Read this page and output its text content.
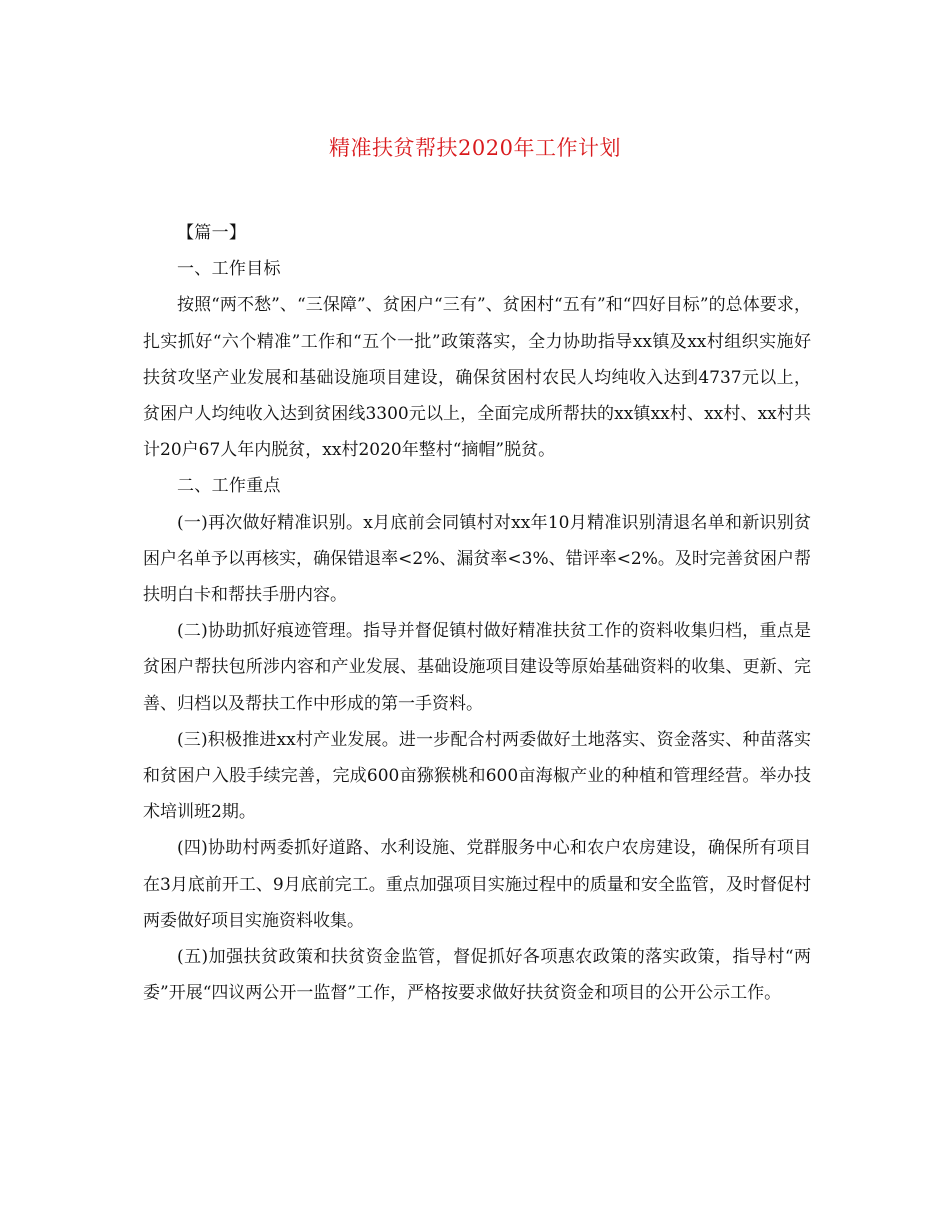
精准扶贫帮扶2020年工作计划

【篇一】

一、工作目标

按照“两不愁”、“三保障”、贫困户“三有”、贫困村“五有”和“四好目标”的总体要求，扎实抓好“六个精准”工作和“五个一批”政策落实，全力协助指导xx镇及xx村组织实施好扶贫攻坚产业发展和基础设施项目建设，确保贫困村农民人均纯收入达到4737元以上，贫困户人均纯收入达到贫困线3300元以上，全面完成所帮扶的xx镇xx村、xx村、xx村共计20户67人年内脱贫，xx村2020年整村“摘帽”脱贫。

二、工作重点

(一)再次做好精准识别。x月底前会同镇村对xx年10月精准识别清退名单和新识别贫困户名单予以再核实，确保错退率<2%、漏贫率<3%、错评率<2%。及时完善贫困户帮扶明白卡和帮扶手册内容。

(二)协助抓好痕迹管理。指导并督促镇村做好精准扶贫工作的资料收集归档，重点是贫困户帮扶包所涉内容和产业发展、基础设施项目建设等原始基础资料的收集、更新、完善、归档以及帮扶工作中形成的第一手资料。

(三)积极推进xx村产业发展。进一步配合村两委做好土地落实、资金落实、种苗落实和贫困户入股手续完善，完成600亩猕猴桃和600亩海椒产业的种植和管理经营。举办技术培训班2期。

(四)协助村两委抓好道路、水利设施、党群服务中心和农户农房建设，确保所有项目在3月底前开工、9月底前完工。重点加强项目实施过程中的质量和安全监管，及时督促村两委做好项目实施资料收集。

(五)加强扶贫政策和扶贫资金监管，督促抓好各项惠农政策的落实政策，指导村“两委”开展“四议两公开一监督”工作，严格按要求做好扶贫资金和项目的公开公示工作。
